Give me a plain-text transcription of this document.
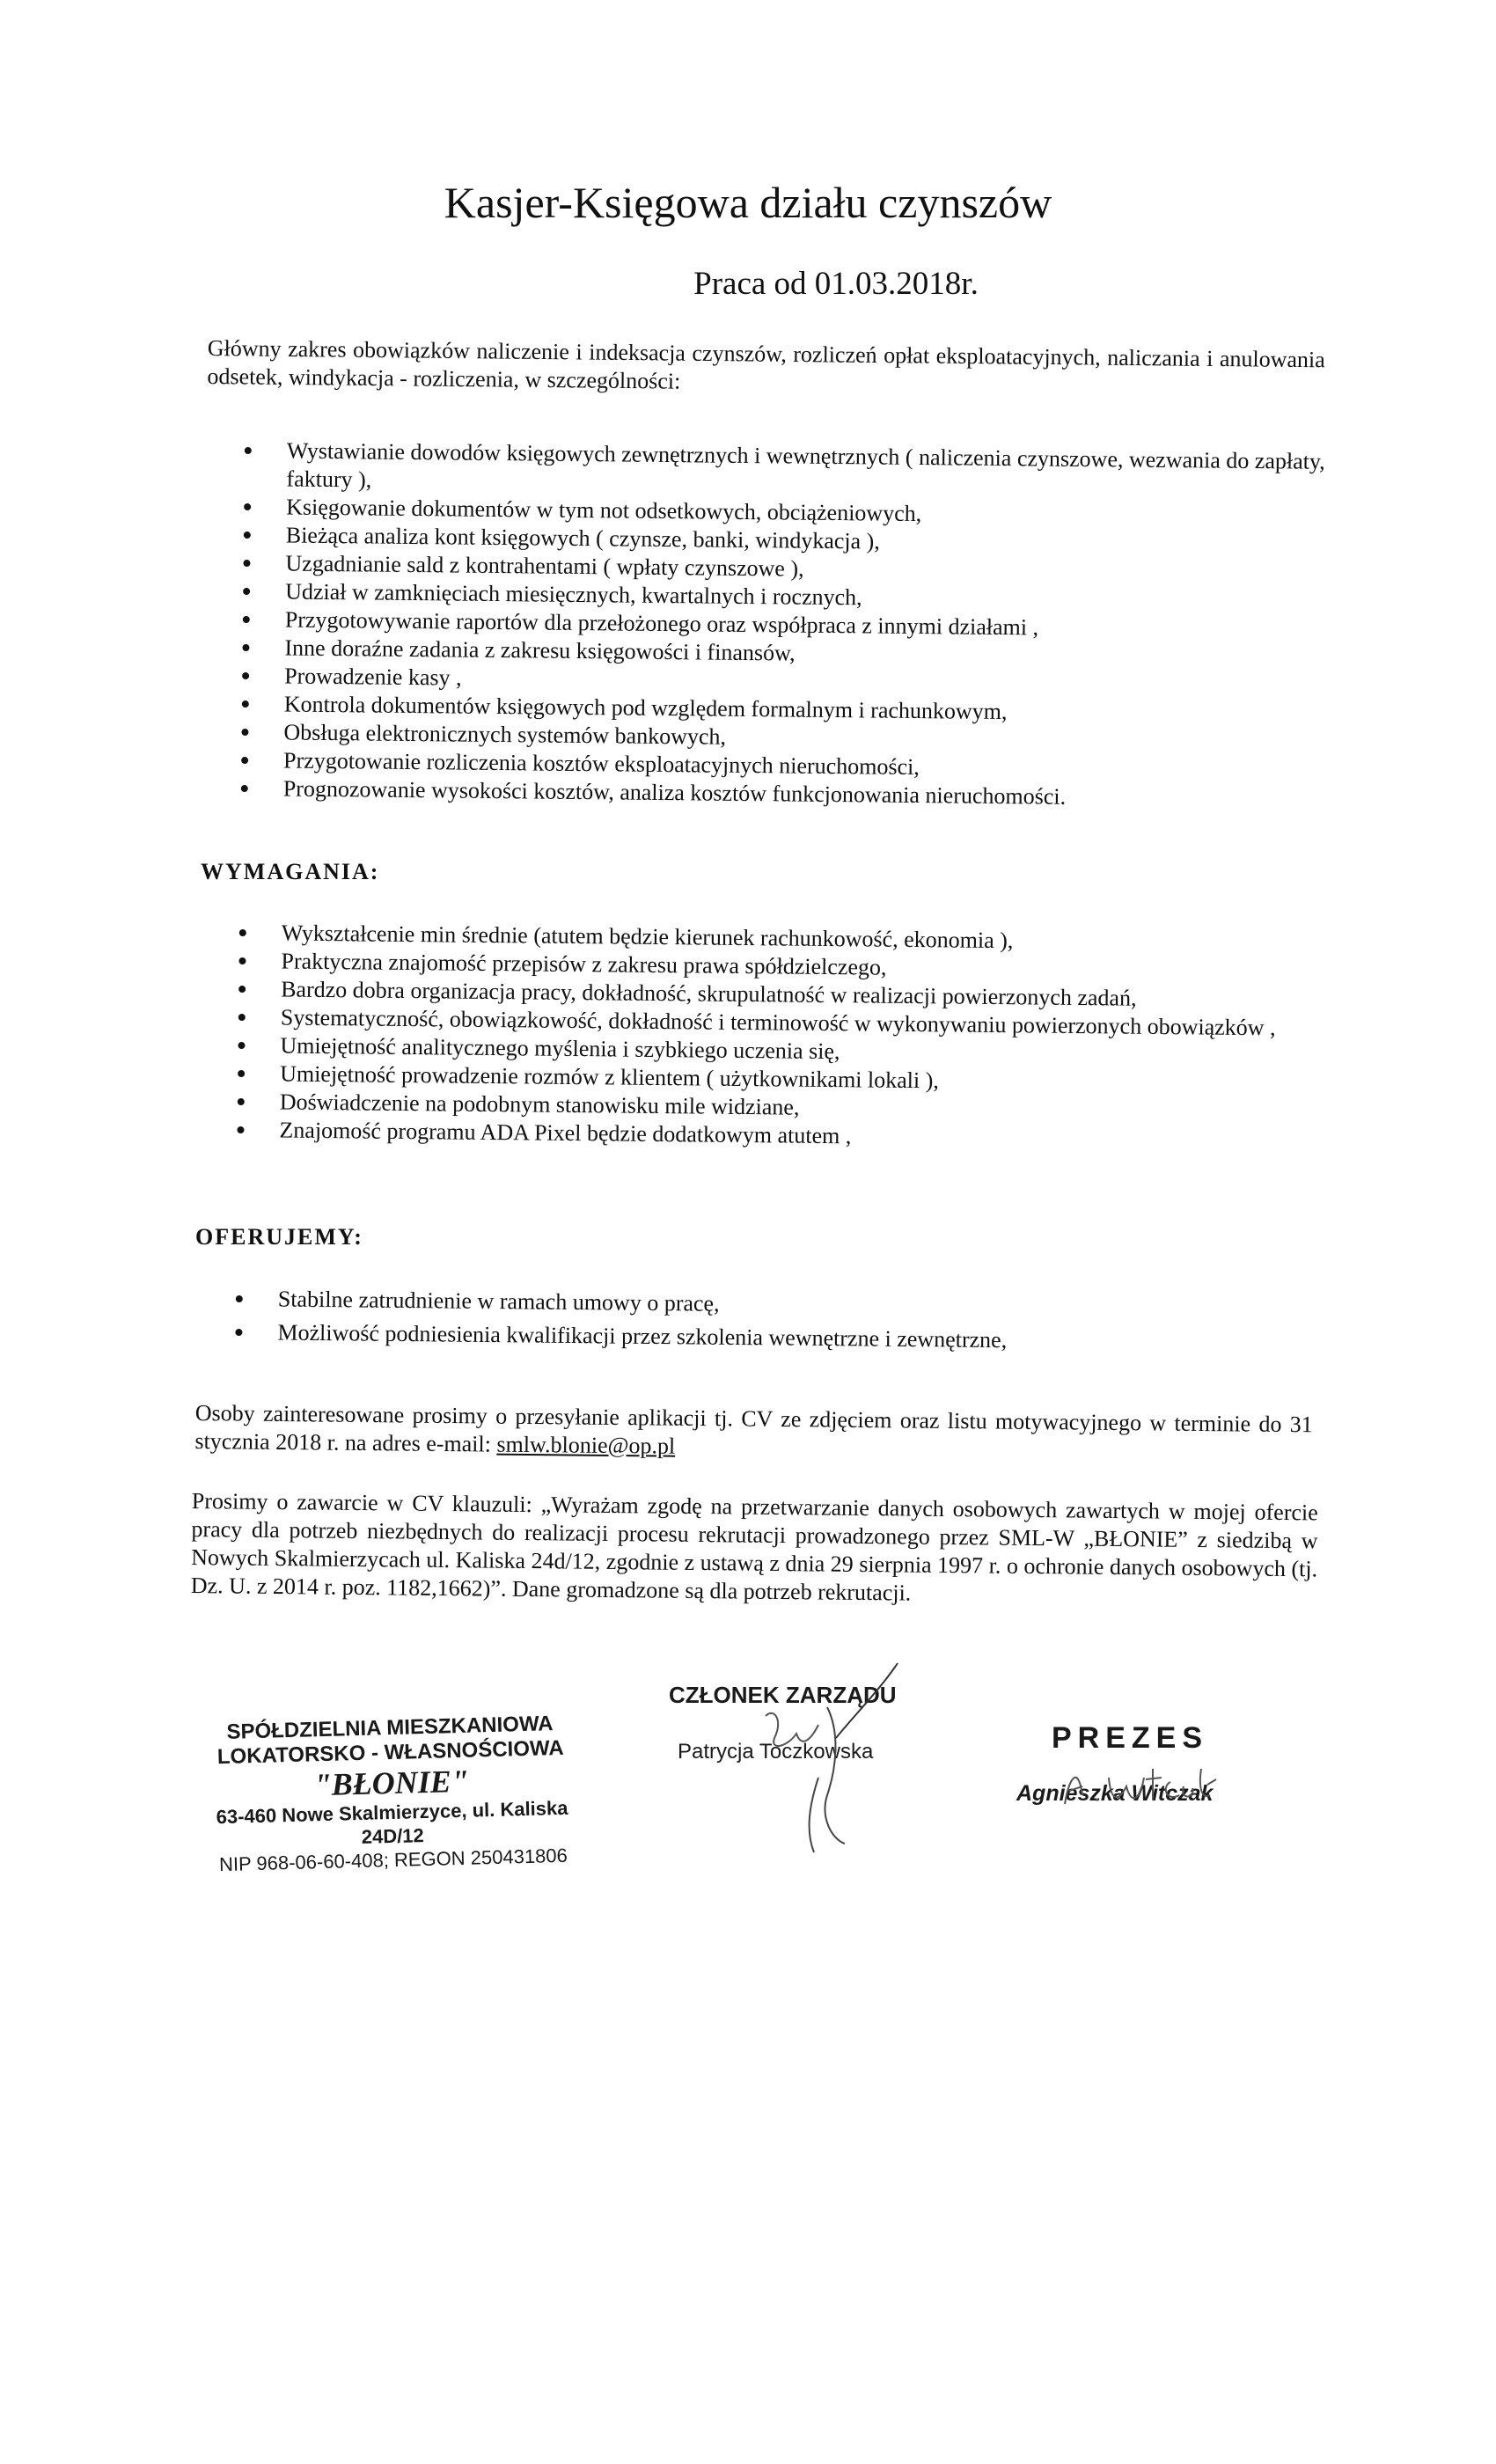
Kasjer-Księgowa działu czynszów
Praca od 01.03.2018r.
Główny zakres obowiązków naliczenie i indeksacja czynszów, rozliczeń opłat eksploatacyjnych, naliczania i anulowania odsetek, windykacja - rozliczenia, w szczególności:
Wystawianie dowodów księgowych zewnętrznych i wewnętrznych ( naliczenia czynszowe, wezwania do zapłaty, faktury ),
Księgowanie dokumentów w tym not odsetkowych, obciążeniowych,
Bieżąca analiza kont księgowych ( czynsze, banki, windykacja ),
Uzgadnianie sald z kontrahentami ( wpłaty czynszowe ),
Udział w zamknięciach miesięcznych, kwartalnych i rocznych,
Przygotowywanie raportów dla przełożonego oraz współpraca z innymi działami ,
Inne doraźne zadania z zakresu księgowości i finansów,
Prowadzenie kasy ,
Kontrola dokumentów księgowych pod względem formalnym i rachunkowym,
Obsługa elektronicznych systemów bankowych,
Przygotowanie rozliczenia kosztów eksploatacyjnych nieruchomości,
Prognozowanie wysokości kosztów, analiza kosztów funkcjonowania nieruchomości.
WYMAGANIA:
Wykształcenie min średnie (atutem będzie kierunek rachunkowość, ekonomia ),
Praktyczna znajomość przepisów z zakresu prawa spółdzielczego,
Bardzo dobra organizacja pracy, dokładność, skrupulatność w realizacji powierzonych zadań,
Systematyczność, obowiązkowość, dokładność i terminowość w wykonywaniu powierzonych obowiązków ,
Umiejętność analitycznego myślenia i szybkiego uczenia się,
Umiejętność prowadzenie rozmów z klientem ( użytkownikami lokali ),
Doświadczenie na podobnym stanowisku mile widziane,
Znajomość programu ADA Pixel będzie dodatkowym atutem ,
OFERUJEMY:
Stabilne zatrudnienie w ramach umowy o pracę,
Możliwość podniesienia kwalifikacji przez szkolenia wewnętrzne i zewnętrzne,
Osoby zainteresowane prosimy o przesyłanie aplikacji tj. CV ze zdjęciem oraz listu motywacyjnego w terminie do 31 stycznia 2018 r. na adres e-mail: smlw.blonie@op.pl
Prosimy o zawarcie w CV klauzuli: „Wyrażam zgodę na przetwarzanie danych osobowych zawartych w mojej ofercie pracy dla potrzeb niezbędnych do realizacji procesu rekrutacji prowadzonego przez SML-W „BŁONIE” z siedzibą w Nowych Skalmierzycach ul. Kaliska 24d/12, zgodnie z ustawą z dnia 29 sierpnia 1997 r. o ochronie danych osobowych (tj. Dz. U. z 2014 r. poz. 1182,1662)”. Dane gromadzone są dla potrzeb rekrutacji.
SPÓŁDZIELNIA MIESZKANIOWA
LOKATORSKO - WŁASNOŚCIOWA
"BŁONIE"
63-460 Nowe Skalmierzyce, ul. Kaliska 24D/12
NIP 968-06-60-408; REGON 250431806
CZŁONEK ZARZĄDU
Patrycja Toczkowska	PREZES
Agnieszka Witczak
